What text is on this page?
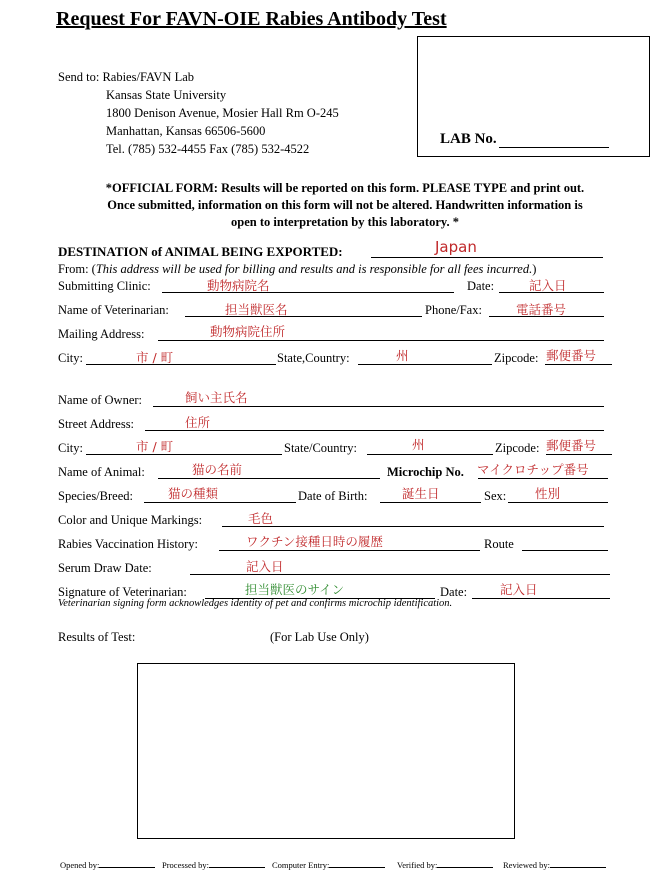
Request For FAVN-OIE Rabies Antibody Test
Send to: Rabies/FAVN Lab
Kansas State University
1800 Denison Avenue, Mosier Hall Rm O-245
Manhattan, Kansas 66506-5600
Tel. (785) 532-4455 Fax (785) 532-4522
LAB No.
*OFFICIAL FORM: Results will be reported on this form. PLEASE TYPE and print out.
Once submitted, information on this form will not be altered. Handwritten information is
open to interpretation by this laboratory. *
DESTINATION of ANIMAL BEING EXPORTED:	Japan
From: (This address will be used for billing and results and is responsible for all fees incurred.)
Submitting Clinic:	動物病院名	Date:	記入日
Name of Veterinarian:	担当獣医名	Phone/Fax:	電話番号
Mailing Address:	動物病院住所
City:	市 / 町	State,Country:	州	Zipcode: 郵便番号
Name of Owner:	飼い主氏名
Street Address:	住所
City:	市 / 町	State/Country:	州	Zipcode: 郵便番号
Name of Animal:	猫の名前	Microchip No. マイクロチップ番号
Species/Breed:	猫の種類	Date of Birth:	誕生日	Sex: 性別
Color and Unique Markings:	毛色
Rabies Vaccination History:	ワクチン接種日時の履歴	Route
Serum Draw Date:	記入日
Signature of Veterinarian:	担当獣医のサイン	Date:	記入日
Veterinarian signing form acknowledges identity of pet and confirms microchip identification.
Results of Test:	(For Lab Use Only)
Opened by:	Processed by:	Computer Entry:	Verified by:	Reviewed by:
